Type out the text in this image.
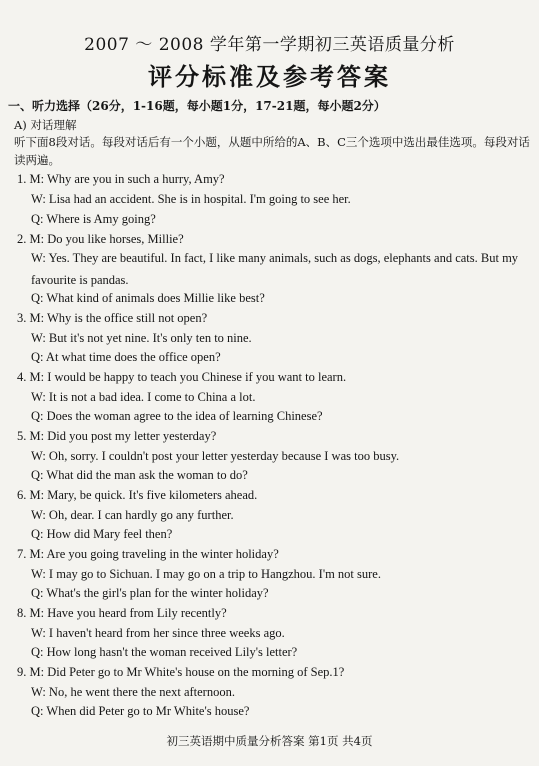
2007 ～ 2008 学年第一学期初三英语质量分析
评分标准及参考答案
一、听力选择（26分，1-16题，每小题1分，17-21题，每小题2分）
A) 对话理解
听下面8段对话。每段对话后有一个小题，从题中所给的A、B、C三个选项中选出最佳选项。每段对话读两遍。
1. M: Why are you in such a hurry, Amy?
W: Lisa had an accident. She is in hospital. I'm going to see her.
Q: Where is Amy going?
2. M: Do you like horses, Millie?
W: Yes. They are beautiful. In fact, I like many animals, such as dogs, elephants and cats. But my favourite is pandas.
Q: What kind of animals does Millie like best?
3. M: Why is the office still not open?
W: But it's not yet nine. It's only ten to nine.
Q: At what time does the office open?
4. M: I would be happy to teach you Chinese if you want to learn.
W: It is not a bad idea. I come to China a lot.
Q: Does the woman agree to the idea of learning Chinese?
5. M: Did you post my letter yesterday?
W: Oh, sorry. I couldn't post your letter yesterday because I was too busy.
Q: What did the man ask the woman to do?
6. M: Mary, be quick. It's five kilometers ahead.
W: Oh, dear. I can hardly go any further.
Q: How did Mary feel then?
7. M: Are you going traveling in the winter holiday?
W: I may go to Sichuan. I may go on a trip to Hangzhou. I'm not sure.
Q: What's the girl's plan for the winter holiday?
8. M: Have you heard from Lily recently?
W: I haven't heard from her since three weeks ago.
Q: How long hasn't the woman received Lily's letter?
9. M: Did Peter go to Mr White's house on the morning of Sep.1?
W: No, he went there the next afternoon.
Q: When did Peter go to Mr White's house?
初三英语期中质量分析答案 第1页 共4页
